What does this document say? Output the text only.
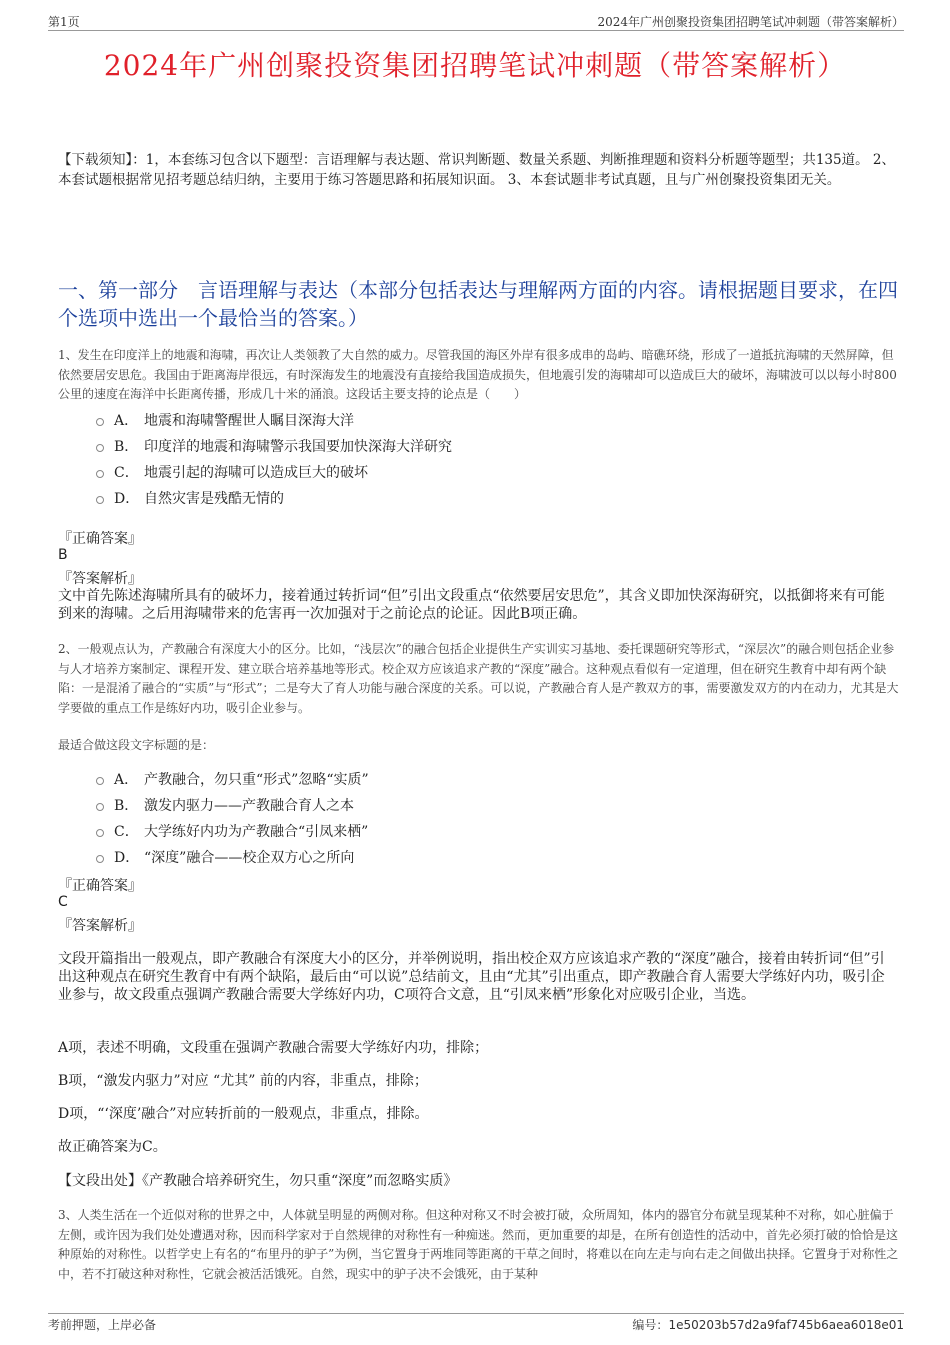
第1页	2024年广州创聚投资集团招聘笔试冲刺题（带答案解析）
2024年广州创聚投资集团招聘笔试冲刺题（带答案解析）
【下载须知】：1，本套练习包含以下题型：言语理解与表达题、常识判断题、数量关系题、判断推理题和资料分析题等题型；共135道。 2、本套试题根据常见招考题总结归纳，主要用于练习答题思路和拓展知识面。 3、本套试题非考试真题，且与广州创聚投资集团无关。
一、第一部分　言语理解与表达（本部分包括表达与理解两方面的内容。请根据题目要求，在四个选项中选出一个最恰当的答案。）
1、发生在印度洋上的地震和海啸，再次让人类领教了大自然的威力。尽管我国的海区外岸有很多成串的岛屿、暗礁环绕，形成了一道抵抗海啸的天然屏障，但依然要居安思危。我国由于距离海岸很远，有时深海发生的地震没有直接给我国造成损失，但地震引发的海啸却可以造成巨大的破坏，海啸波可以以每小时800公里的速度在海洋中长距离传播，形成几十米的涌浪。这段话主要支持的论点是（　　）
A． 地震和海啸警醒世人瞩目深海大洋
B． 印度洋的地震和海啸警示我国要加快深海大洋研究
C． 地震引起的海啸可以造成巨大的破坏
D． 自然灾害是残酷无情的
『正确答案』
B
『答案解析』
文中首先陈述海啸所具有的破坏力，接着通过转折词“但”引出文段重点“依然要居安思危”，其含义即加快深海研究，以抵御将来有可能到来的海啸。之后用海啸带来的危害再一次加强对于之前论点的论证。因此B项正确。
2、一般观点认为，产教融合有深度大小的区分。比如，“浅层次”的融合包括企业提供生产实训实习基地、委托课题研究等形式，“深层次”的融合则包括企业参与人才培养方案制定、课程开发、建立联合培养基地等形式。校企双方应该追求产教的“深度”融合。这种观点看似有一定道理，但在研究生教育中却有两个缺陷：一是混淆了融合的“实质”与“形式”；二是夸大了育人功能与融合深度的关系。可以说，产教融合育人是产教双方的事，需要激发双方的内在动力，尤其是大学要做的重点工作是练好内功，吸引企业参与。
最适合做这段文字标题的是：
A． 产教融合，勿只重“形式”忽略“实质”
B． 激发内驱力——产教融合育人之本
C． 大学练好内功为产教融合“引凤来栖”
D． “深度”融合——校企双方心之所向
『正确答案』
C
『答案解析』
文段开篇指出一般观点，即产教融合有深度大小的区分，并举例说明，指出校企双方应该追求产教的“深度”融合，接着由转折词“但”引出这种观点在研究生教育中有两个缺陷，最后由“可以说”总结前文，且由“尤其”引出重点，即产教融合育人需要大学练好内功，吸引企业参与，故文段重点强调产教融合需要大学练好内功，C项符合文意，且“引凤来栖”形象化对应吸引企业，当选。
A项，表述不明确，文段重在强调产教融合需要大学练好内功，排除；
B项，“激发内驱力”对应 “尤其” 前的内容，非重点，排除；
D项，“‘深度’融合”对应转折前的一般观点，非重点，排除。
故正确答案为C。
【文段出处】《产教融合培养研究生，勿只重“深度”而忽略实质》
3、人类生活在一个近似对称的世界之中，人体就呈明显的两侧对称。但这种对称又不时会被打破，众所周知，体内的器官分布就呈现某种不对称，如心脏偏于左侧，或许因为我们处处遭遇对称，因而科学家对于自然规律的对称性有一种痴迷。然而，更加重要的却是，在所有创造性的活动中，首先必须打破的恰恰是这种原始的对称性。以哲学史上有名的“布里丹的驴子”为例，当它置身于两堆同等距离的干草之间时，将难以在向左走与向右走之间做出抉择。它置身于对称性之中，若不打破这种对称性，它就会被活活饿死。自然，现实中的驴子决不会饿死，由于某种
考前押题，上岸必备	编号：1e50203b57d2a9faf745b6aea6018e01
